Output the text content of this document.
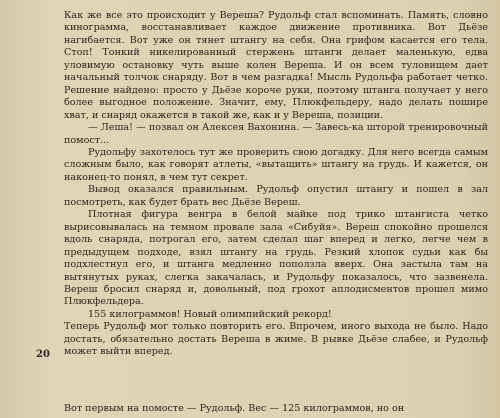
Как же все это происходит у Вереша? Рудольф стал вспоминать. Память, словно кинограмма, восстанавливает каждое движение противника. Вот Дьёзе нагибается. Вот уже он тянет штангу на себя. Она грифом касается его тела. Стоп! Тонкий никелированный стержень штанги делает маленькую, едва уловимую остановку чуть выше колен Вереша. И он всем туловищем дает начальный толчок снаряду. Вот в чем разгадка! Мысль Рудольфа работает четко. Решение найдено: просто у Дьёзе короче руки, поэтому штанга получает у него более выгодное положение. Значит, ему, Плюкфельдеру, надо делать пошире хват, и снаряд окажется в такой же, как и у Вереша, позиции.

— Леша! — позвал он Алексея Вахонина. — Завесь-ка шторой тренировочный помост...

Рудольфу захотелось тут же проверить свою догадку. Для него всегда самым сложным было, как говорят атлеты, «вытащить» штангу на грудь. И кажется, он наконец-то понял, в чем тут секрет.

Вывод оказался правильным. Рудольф опустил штангу и пошел в зал посмотреть, как будет брать вес Дьёзе Вереш.

Плотная фигура венгра в белой майке под трико штангиста четко вырисовывалась на темном провале зала «Сибуйя». Вереш спокойно прошелся вдоль снаряда, потрогал его, затем сделал шаг вперед и легко, легче чем в предыдущем подходе, взял штангу на грудь. Резкий хлопок судьи как бы подхлестнул его, и штанга медленно поползла вверх. Она застыла там на вытянутых руках, слегка закачалась, и Рудольфу показалось, что зазвенела. Вереш бросил снаряд и, довольный, под грохот аплодисментов прошел мимо Плюкфельдера.

155 килограммов! Новый олимпийский рекорд!

Теперь Рудольф мог только повторить его. Впрочем, иного выхода не было. Надо достать, обязательно достать Вереша в жиме. В рывке Дьёзе слабее, и Рудольф может выйти вперед.

20
Вот первым на помосте — Рудольф. Вес — 125 килограммов, но он
